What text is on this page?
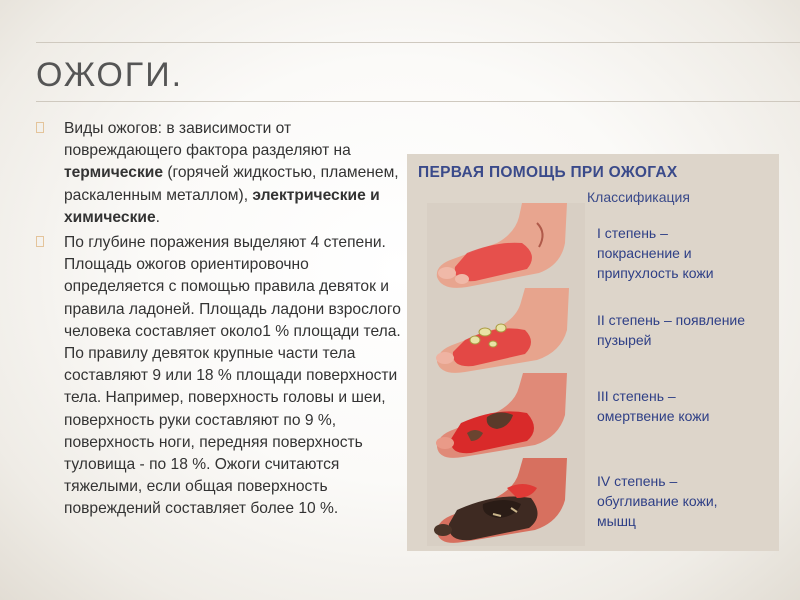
ОЖОГИ.
Виды ожогов: в зависимости от повреждающего фактора разделяют на термические (горячей жидкостью, пламенем, раскаленным металлом), электрические и химические.
По глубине поражения выделяют 4 степени. Площадь ожогов ориентировочно определяется с помощью правила девяток и правила ладоней. Площадь ладони взрослого человека составляет около1 % площади тела. По правилу девяток крупные части тела составляют 9 или 18 % площади поверхности тела. Например, поверхность головы и шеи, поверхность руки составляют по 9 %, поверхность ноги, передняя поверхность туловища - по 18 %. Ожоги считаются тяжелыми, если общая поверхность повреждений составляет более 10 %.
ПЕРВАЯ ПОМОЩЬ ПРИ ОЖОГАХ
Классификация
I степень – покраснение и припухлость кожи
II степень – появление пузырей
III степень – омертвение кожи
IV степень – обугливание кожи, мышц
